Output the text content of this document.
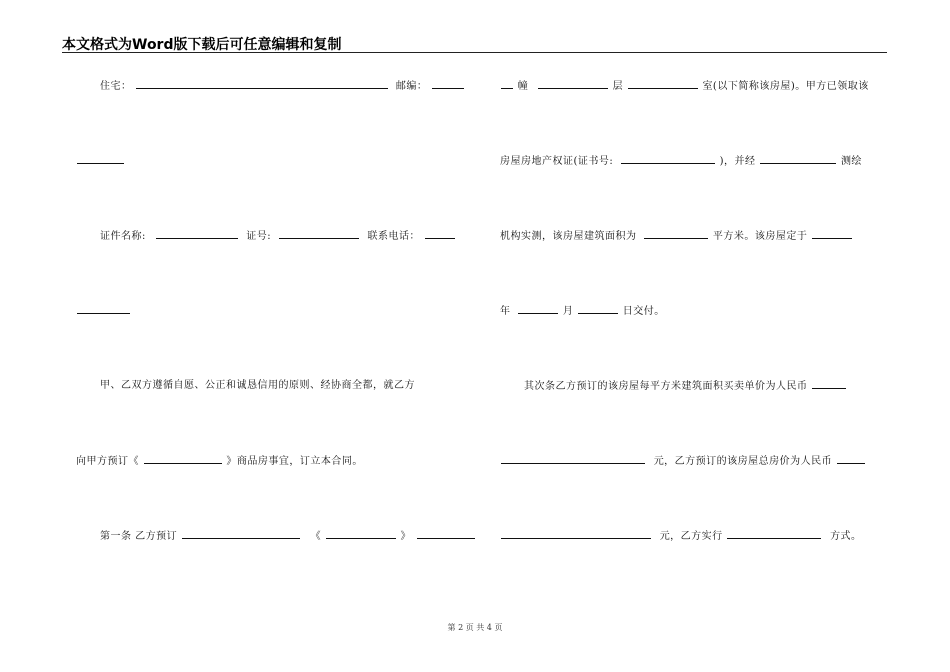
本文格式为Word版下载后可任意编辑和复制
住宅：	邮编：
证件名称:	证号:	联系电话：
甲、乙双方遵循自愿、公正和诚恳信用的原则、经协商全都，就乙方
向甲方预订《	》商品房事宜，订立本合同。
第一条 乙方预订	《	》
幢	层	室(以下简称该房屋)。甲方已领取该
房屋房地产权证(证书号:	)，并经	测绘
机构实测，该房屋建筑面积为	平方米。该房屋定于
年	月	日交付。
其次条乙方预订的该房屋每平方米建筑面积买卖单价为人民币
元，乙方预订的该房屋总房价为人民币
元，乙方实行	方式。
第 2 页 共 4 页
